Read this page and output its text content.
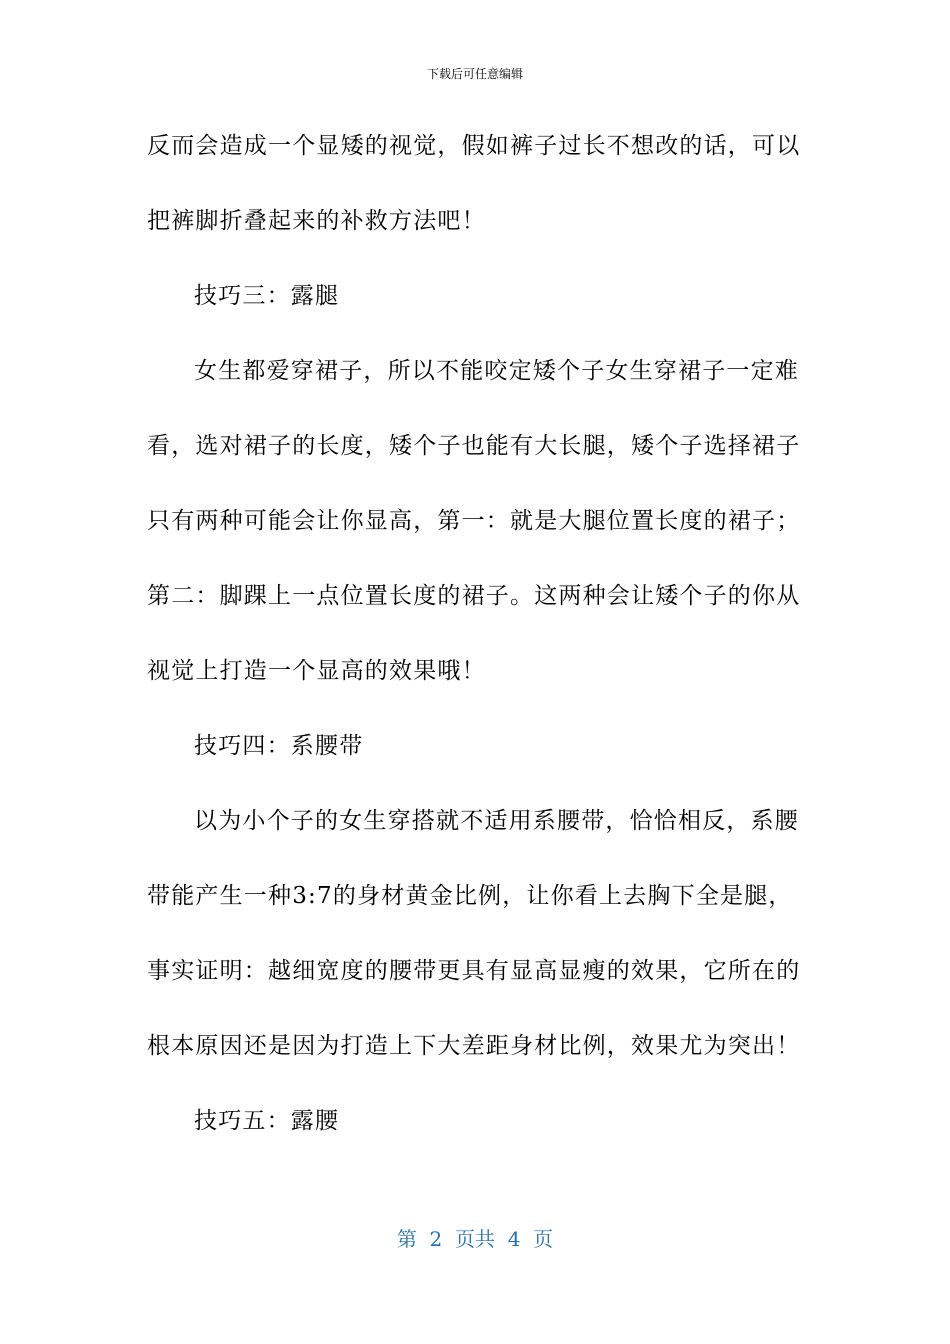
下载后可任意编辑
反而会造成一个显矮的视觉，假如裤子过长不想改的话，可以
把裤脚折叠起来的补救方法吧！
技巧三：露腿
女生都爱穿裙子，所以不能咬定矮个子女生穿裙子一定难
看，选对裙子的长度，矮个子也能有大长腿，矮个子选择裙子
只有两种可能会让你显高，第一：就是大腿位置长度的裙子；
第二：脚踝上一点位置长度的裙子。这两种会让矮个子的你从
视觉上打造一个显高的效果哦！
技巧四：系腰带
以为小个子的女生穿搭就不适用系腰带，恰恰相反，系腰
带能产生一种3:7的身材黄金比例，让你看上去胸下全是腿，
事实证明：越细宽度的腰带更具有显高显瘦的效果，它所在的
根本原因还是因为打造上下大差距身材比例，效果尤为突出！
技巧五：露腰
第  2  页共  4  页
